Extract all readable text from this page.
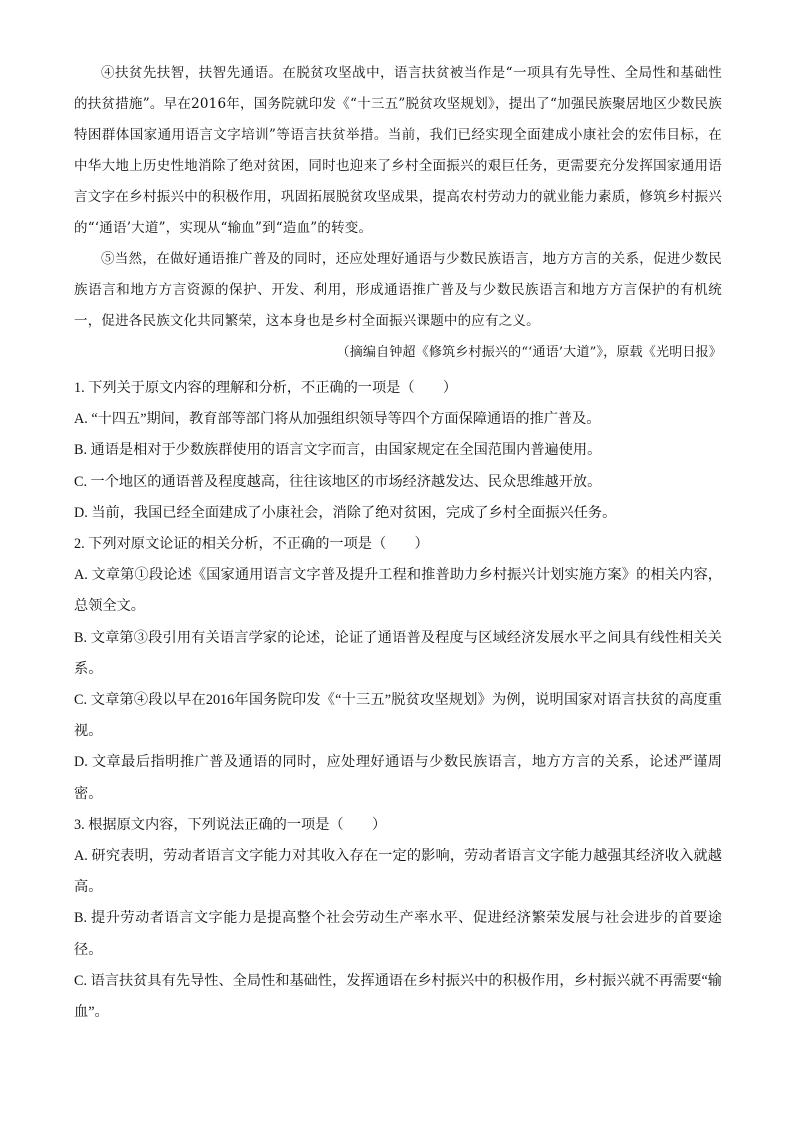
④扶贫先扶智，扶智先通语。在脱贫攻坚战中，语言扶贫被当作是“一项具有先导性、全局性和基础性的扶贫措施”。早在2016年，国务院就印发《“十三五”脱贫攻坚规划》，提出了“加强民族聚居地区少数民族特困群体国家通用语言文字培训”等语言扶贫举措。当前，我们已经实现全面建成小康社会的宏伟目标，在中华大地上历史性地消除了绝对贫困，同时也迎来了乡村全面振兴的艰巨任务，更需要充分发挥国家通用语言文字在乡村振兴中的积极作用，巩固拓展脱贫攻坚成果，提高农村劳动力的就业能力素质，修筑乡村振兴的“‘通语’大道”，实现从“输血”到“造血”的转变。

⑤当然，在做好通语推广普及的同时，还应处理好通语与少数民族语言，地方方言的关系，促进少数民族语言和地方方言资源的保护、开发、利用，形成通语推广普及与少数民族语言和地方方言保护的有机统一，促进各民族文化共同繁荣，这本身也是乡村全面振兴课题中的应有之义。

（摘编自钟超《修筑乡村振兴的“‘通语’大道”》，原载《光明日报》

1. 下列关于原文内容的理解和分析，不正确的一项是（　　）

A. “十四五”期间，教育部等部门将从加强组织领导等四个方面保障通语的推广普及。

B. 通语是相对于少数族群使用的语言文字而言，由国家规定在全国范围内普遍使用。

C. 一个地区的通语普及程度越高，往往该地区的市场经济越发达、民众思维越开放。

D. 当前，我国已经全面建成了小康社会，消除了绝对贫困，完成了乡村全面振兴任务。

2. 下列对原文论证的相关分析，不正确的一项是（　　）

A. 文章第①段论述《国家通用语言文字普及提升工程和推普助力乡村振兴计划实施方案》的相关内容，总领全文。

B. 文章第③段引用有关语言学家的论述，论证了通语普及程度与区域经济发展水平之间具有线性相关关系。

C. 文章第④段以早在2016年国务院印发《“十三五”脱贫攻坚规划》为例，说明国家对语言扶贫的高度重视。

D. 文章最后指明推广普及通语的同时，应处理好通语与少数民族语言，地方方言的关系，论述严谨周密。

3. 根据原文内容，下列说法正确的一项是（　　）

A. 研究表明，劳动者语言文字能力对其收入存在一定的影响，劳动者语言文字能力越强其经济收入就越高。

B. 提升劳动者语言文字能力是提高整个社会劳动生产率水平、促进经济繁荣发展与社会进步的首要途径。

C. 语言扶贫具有先导性、全局性和基础性，发挥通语在乡村振兴中的积极作用，乡村振兴就不再需要“输血”。
